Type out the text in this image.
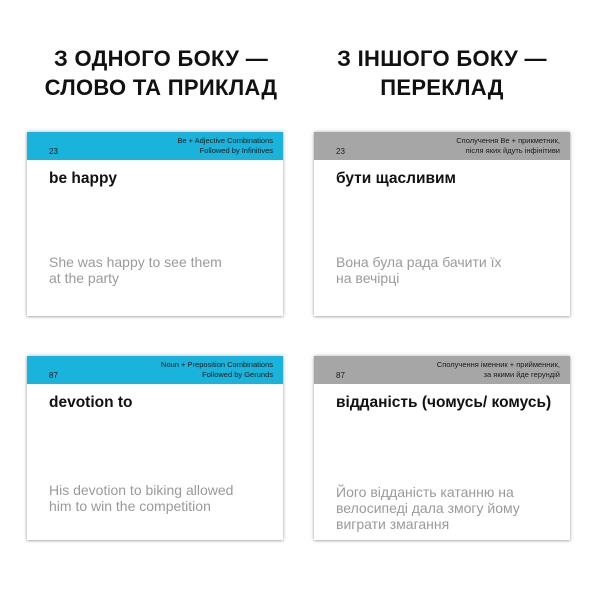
З ОДНОГО БОКУ —
СЛОВО ТА ПРИКЛАД
З ІНШОГО БОКУ —
ПЕРЕКЛАД
23
Be + Adjective Combinations
Followed by Infinitives
be happy
She was happy to see them
at the party
23
Сполучення Be + прикметник,
після яких йдуть інфінітиви
бути щасливим
Вона була рада бачити їх
на вечірці
87
Noun + Preposition Combinations
Followed by Gerunds
devotion to
His devotion to biking allowed
him to win the competition
87
Сполучення іменник + прийменник,
за якими йде герундій
відданість (чомусь/ комусь)
Його відданість катанню на
велосипеді дала змогу йому
виграти змагання
